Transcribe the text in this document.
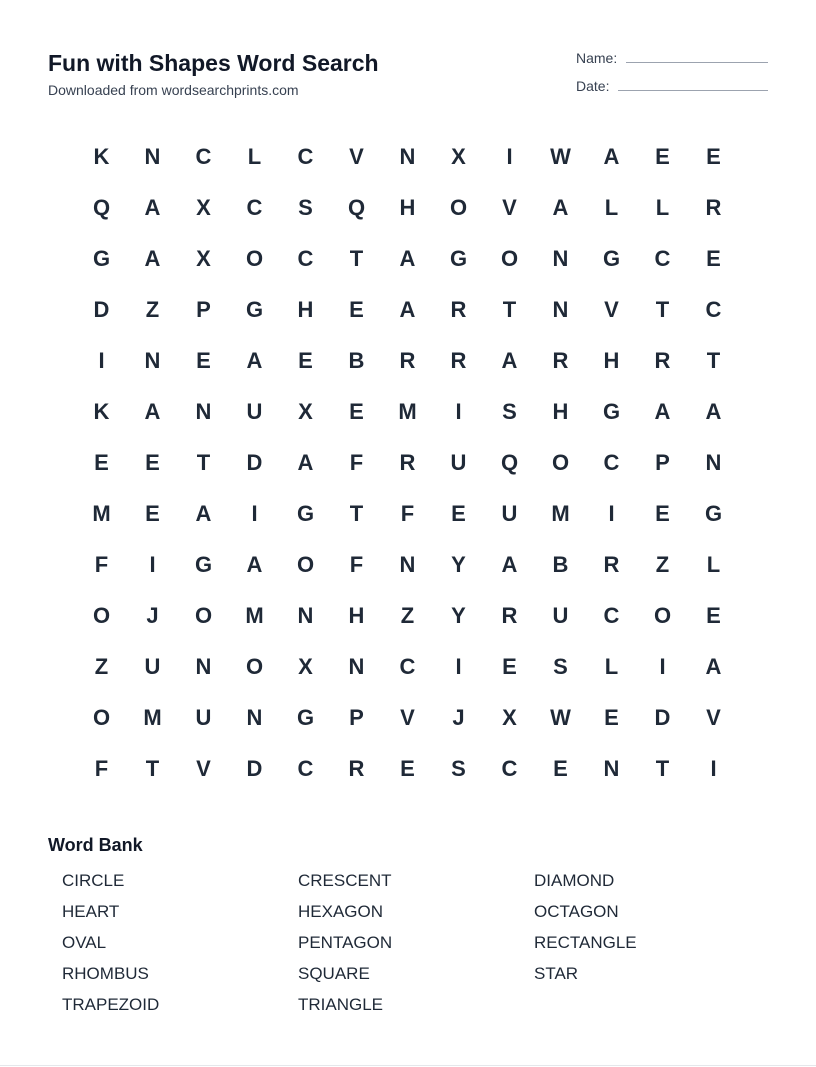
Fun with Shapes Word Search
Downloaded from wordsearchprints.com
Name:
Date:
K	N	C	L	C	V	N	X	I	W	A	E	E
Q	A	X	C	S	Q	H	O	V	A	L	L	R
G	A	X	O	C	T	A	G	O	N	G	C	E
D	Z	P	G	H	E	A	R	T	N	V	T	C
I	N	E	A	E	B	R	R	A	R	H	R	T
K	A	N	U	X	E	M	I	S	H	G	A	A
E	E	T	D	A	F	R	U	Q	O	C	P	N
M	E	A	I	G	T	F	E	U	M	I	E	G
F	I	G	A	O	F	N	Y	A	B	R	Z	L
O	J	O	M	N	H	Z	Y	R	U	C	O	E
Z	U	N	O	X	N	C	I	E	S	L	I	A
O	M	U	N	G	P	V	J	X	W	E	D	V
F	T	V	D	C	R	E	S	C	E	N	T	I
Word Bank
CIRCLE	CRESCENT	DIAMOND
HEART	HEXAGON	OCTAGON
OVAL	PENTAGON	RECTANGLE
RHOMBUS	SQUARE	STAR
TRAPEZOID	TRIANGLE
